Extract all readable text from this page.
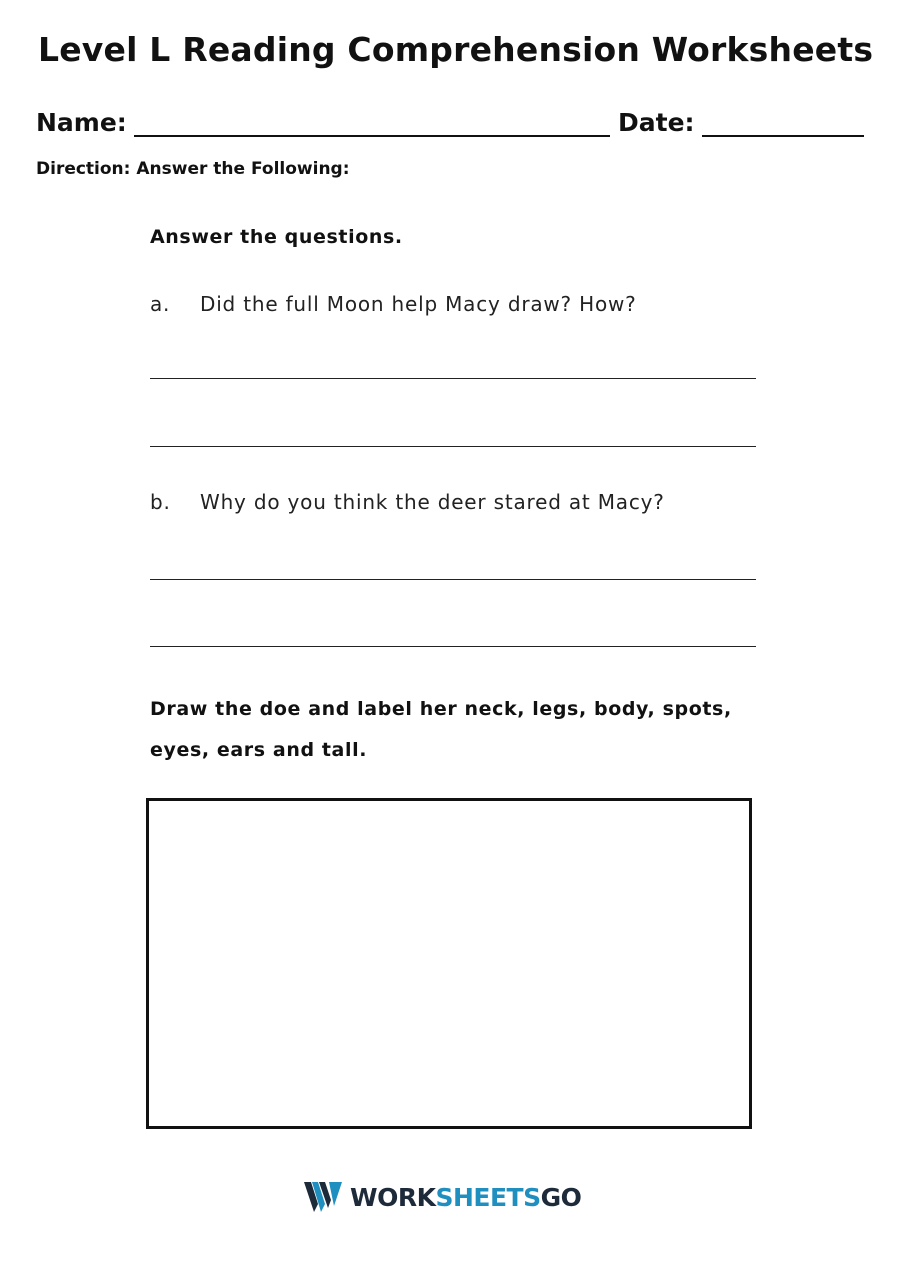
Level L Reading Comprehension Worksheets
Name:	Date:
Direction: Answer the Following:
Answer the questions.
a. Did the full Moon help Macy draw? How?
b. Why do you think the deer stared at Macy?
Draw the doe and label her neck, legs, body, spots, eyes, ears and tall.
WORKSHEETSGO
